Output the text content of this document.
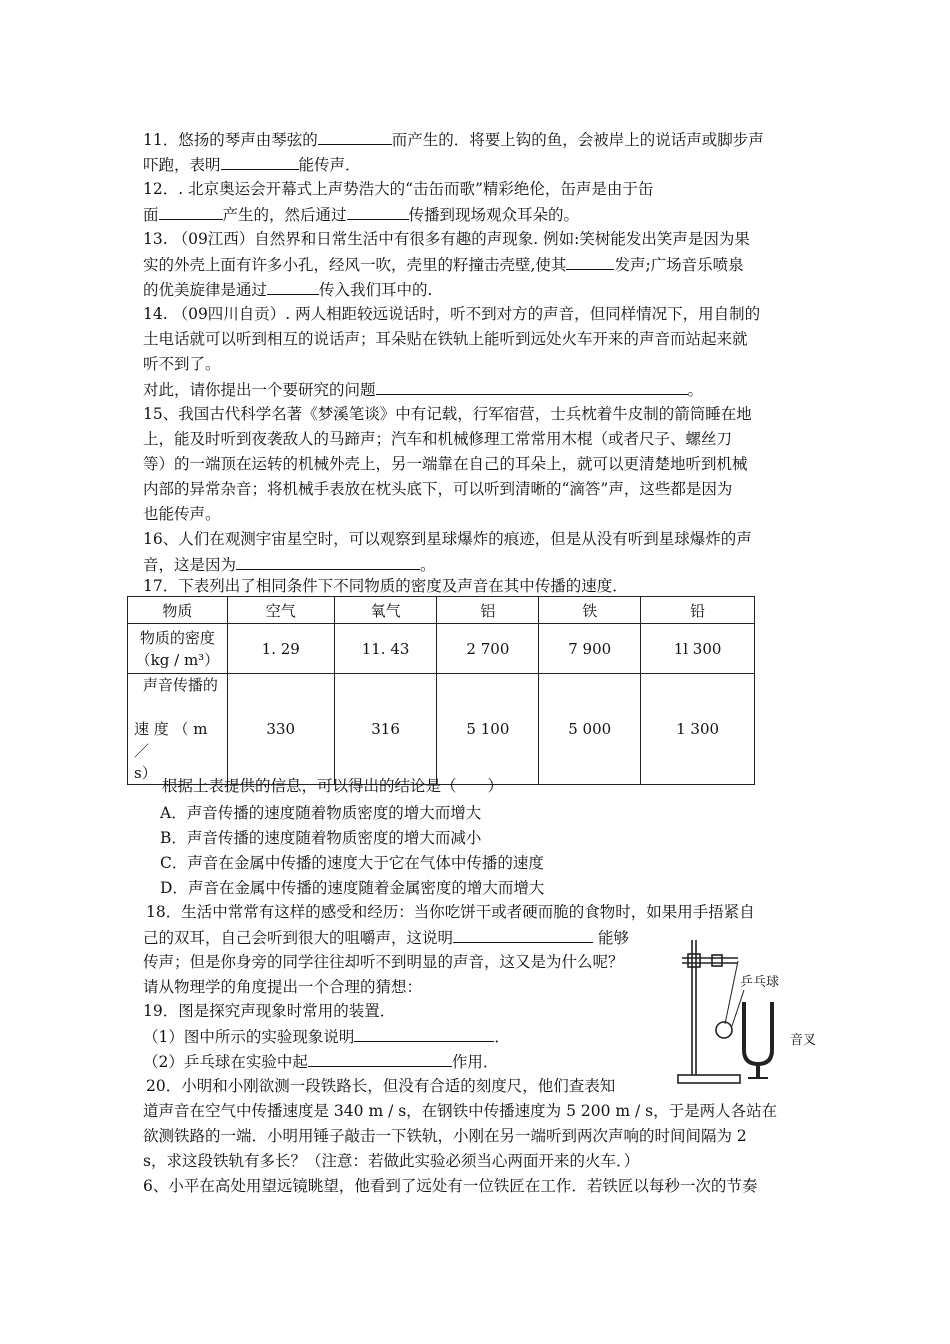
11．悠扬的琴声由琴弦的	而产生的．将要上钩的鱼，会被岸上的说话声或脚步声

吓跑，表明	能传声．

12．. 北京奥运会开幕式上声势浩大的“击缶而歌”精彩绝伦，缶声是由于缶

面	产生的，然后通过	传播到现场观众耳朵的。

13. （09江西）自然界和日常生活中有很多有趣的声现象. 例如:笑树能发出笑声是因为果

实的外壳上面有许多小孔，经风一吹，壳里的籽撞击壳壁,使其	发声;广场音乐喷泉

的优美旋律是通过	传入我们耳中的.

14. （09四川自贡）. 两人相距较远说话时，听不到对方的声音，但同样情况下，用自制的

土电话就可以听到相互的说话声；耳朵贴在铁轨上能听到远处火车开来的声音而站起来就

听不到了。

对此，请你提出一个要研究的问题	。

15、我国古代科学名著《梦溪笔谈》中有记载，行军宿营，士兵枕着牛皮制的箭筒睡在地

上，能及时听到夜袭敌人的马蹄声；汽车和机械修理工常常用木棍（或者尺子、螺丝刀

等）的一端顶在运转的机械外壳上，另一端靠在自己的耳朵上，就可以更清楚地听到机械

内部的异常杂音；将机械手表放在枕头底下，可以听到清晰的“滴答”声，这些都是因为

也能传声。

16、人们在观测宇宙星空时，可以观察到星球爆炸的痕迹，但是从没有听到星球爆炸的声

音，这是因为	。

17．下表列出了相同条件下不同物质的密度及声音在其中传播的速度．

物质	空气	氧气	铝	铁	铅

物质的密度
（kg / m³）	1. 29	11. 43	2 700	7 900	1l 300

声音传播的
速 度 （ m ／
s）	330	316	5 100	5 000	1 300

根据上表提供的信息，可以得出的结论是（　　）

A．声音传播的速度随着物质密度的增大而增大

B．声音传播的速度随着物质密度的增大而减小

C．声音在金属中传播的速度大于它在气体中传播的速度

D．声音在金属中传播的速度随着金属密度的增大而增大

18．生活中常常有这样的感受和经历：当你吃饼干或者硬而脆的食物时，如果用手捂紧自

己的双耳，自己会听到很大的咀嚼声，这说明	能够

传声；但是你身旁的同学往往却听不到明显的声音，这又是为什么呢？

请从物理学的角度提出一个合理的猜想：

19．图是探究声现象时常用的装置．

（1）图中所示的实验现象说明	．

（2）乒乓球在实验中起	作用．

乒乓球
音叉

20．小明和小刚欲测一段铁路长，但没有合适的刻度尺，他们查表知

道声音在空气中传播速度是 340 m / s，在钢铁中传播速度为 5 200 m / s，于是两人各站在

欲测铁路的一端．小明用锤子敲击一下铁轨，小刚在另一端听到两次声响的时间间隔为 2

s，求这段铁轨有多长？（注意：若做此实验必须当心两面开来的火车．）

6、小平在高处用望远镜眺望，他看到了远处有一位铁匠在工作．若铁匠以每秒一次的节奏
